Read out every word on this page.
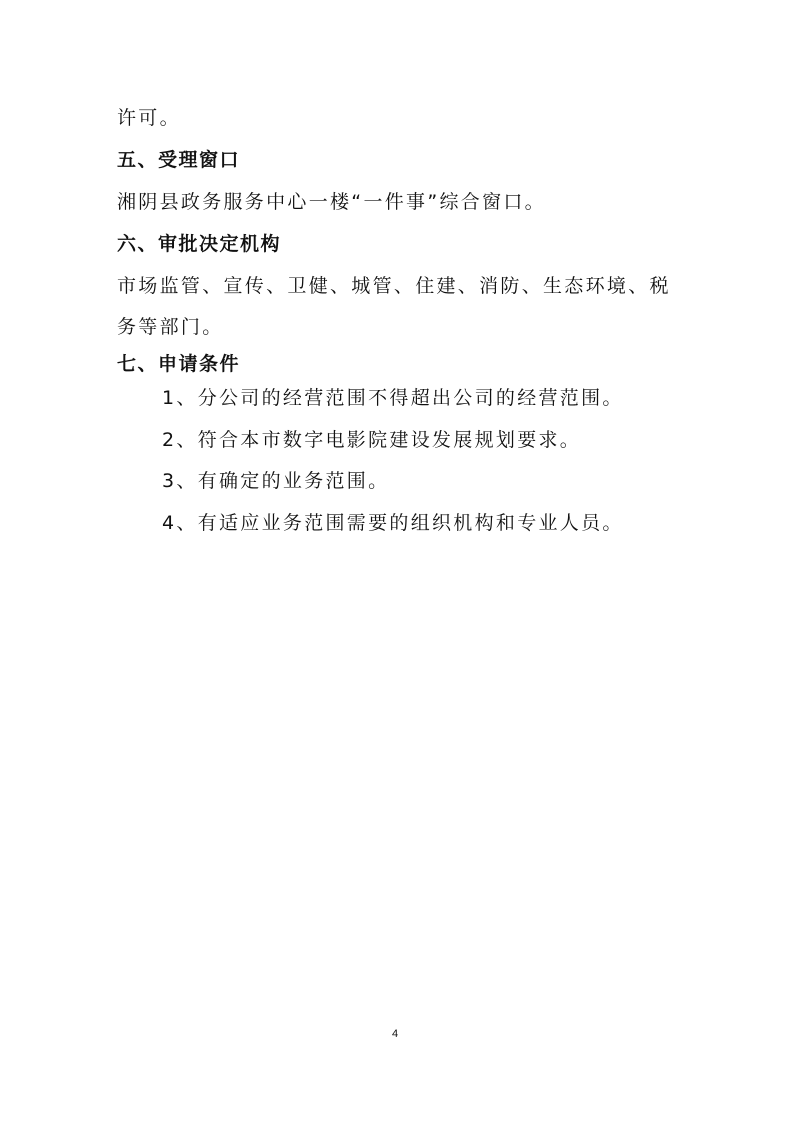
许可。
五、受理窗口
湘阴县政务服务中心一楼“一件事”综合窗口。
六、审批决定机构
市场监管、宣传、卫健、城管、住建、消防、生态环境、税
务等部门。
七、申请条件
1、分公司的经营范围不得超出公司的经营范围。
2、符合本市数字电影院建设发展规划要求。
3、有确定的业务范围。
4、有适应业务范围需要的组织机构和专业人员。
4
